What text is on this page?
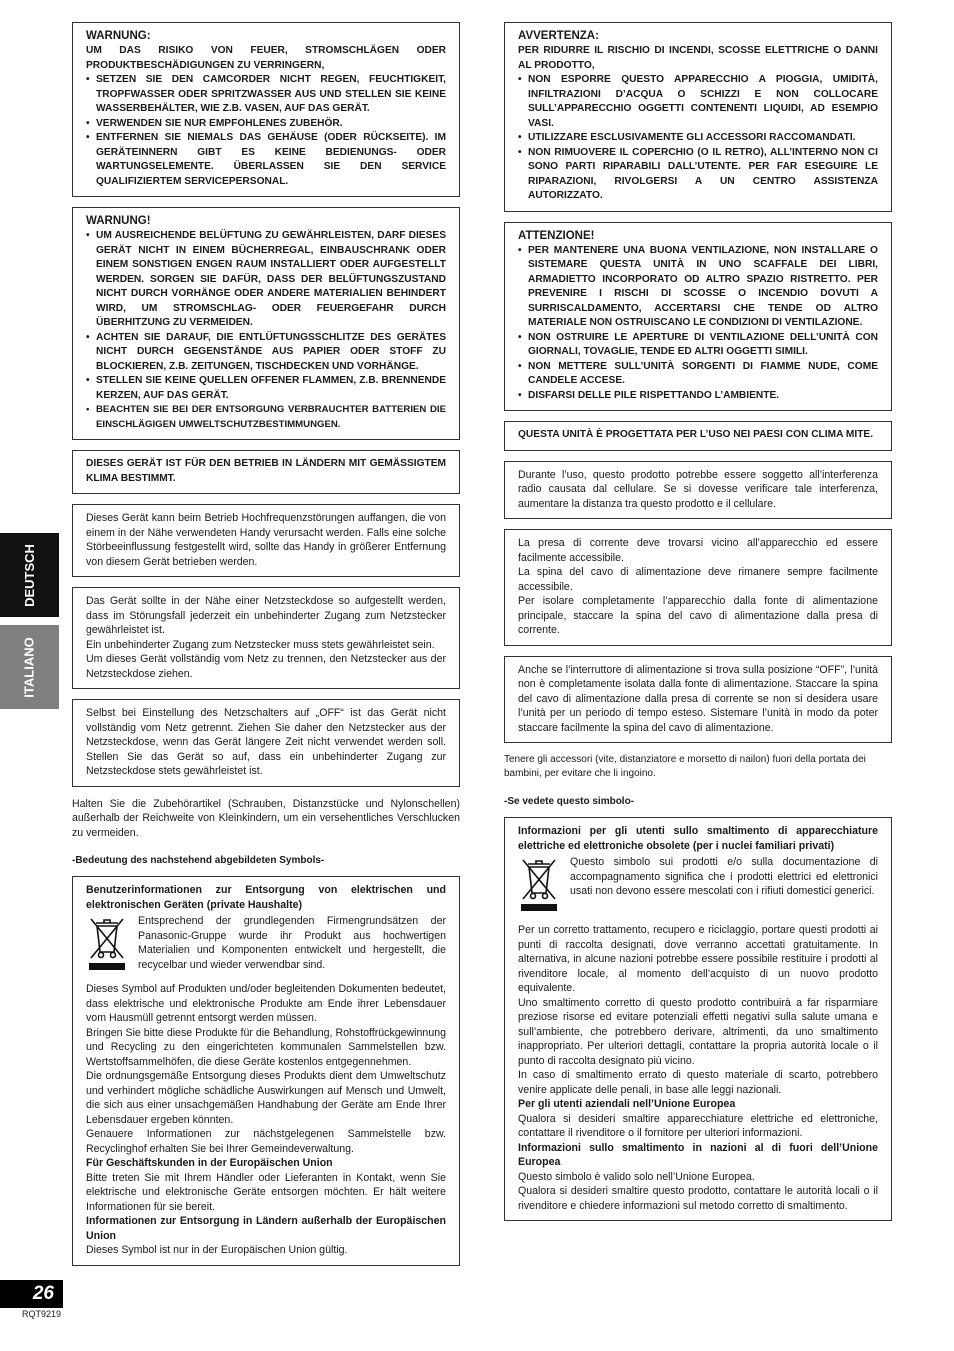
DEUTSCH
ITALIANO
26
RQT9219
WARNUNG:
UM DAS RISIKO VON FEUER, STROMSCHLÄGEN ODER PRODUKTBESCHÄDIGUNGEN ZU VERRINGERN,
• SETZEN SIE DEN CAMCORDER NICHT REGEN, FEUCHTIGKEIT, TROPFWASSER ODER SPRITZWASSER AUS UND STELLEN SIE KEINE WASSERBEHÄLTER, WIE Z.B. VASEN, AUF DAS GERÄT.
• VERWENDEN SIE NUR EMPFOHLENES ZUBEHÖR.
• ENTFERNEN SIE NIEMALS DAS GEHÄUSE (ODER RÜCKSEITE). IM GERÄTEINNERN GIBT ES KEINE BEDIENUNGS- ODER WARTUNGSELEMENTE. ÜBERLASSEN SIE DEN SERVICE QUALIFIZIERTEM SERVICEPERSONAL.
WARNUNG!
• UM AUSREICHENDE BELÜFTUNG ZU GEWÄHRLEISTEN, DARF DIESES GERÄT NICHT IN EINEM BÜCHERREGAL, EINBAUSCHRANK ODER EINEM SONSTIGEN ENGEN RAUM INSTALLIERT ODER AUFGESTELLT WERDEN. SORGEN SIE DAFÜR, DASS DER BELÜFTUNGSZUSTAND NICHT DURCH VORHÄNGE ODER ANDERE MATERIALIEN BEHINDERT WIRD, UM STROMSCHLAG- ODER FEUERGEFAHR DURCH ÜBERHITZUNG ZU VERMEIDEN.
• ACHTEN SIE DARAUF, DIE ENTLÜFTUNGSSCHLITZE DES GERÄTES NICHT DURCH GEGENSTÄNDE AUS PAPIER ODER STOFF ZU BLOCKIEREN, Z.B. ZEITUNGEN, TISCHDECKEN UND VORHÄNGE.
• STELLEN SIE KEINE QUELLEN OFFENER FLAMMEN, Z.B. BRENNENDE KERZEN, AUF DAS GERÄT.
• BEACHTEN SIE BEI DER ENTSORGUNG VERBRAUCHTER BATTERIEN DIE EINSCHLÄGIGEN UMWELTSCHUTZBESTIMMUNGEN.
DIESES GERÄT IST FÜR DEN BETRIEB IN LÄNDERN MIT GEMÄSSIGTEM KLIMA BESTIMMT.
Dieses Gerät kann beim Betrieb Hochfrequenzstörungen auffangen, die von einem in der Nähe verwendeten Handy verursacht werden. Falls eine solche Störbeeinflussung festgestellt wird, sollte das Handy in größerer Entfernung von diesem Gerät betrieben werden.

Das Gerät sollte in der Nähe einer Netzsteckdose so aufgestellt werden, dass im Störungsfall jederzeit ein unbehinderter Zugang zum Netzstecker gewährleistet ist.

Ein unbehinderter Zugang zum Netzstecker muss stets gewährleistet sein.

Um dieses Gerät vollständig vom Netz zu trennen, den Netzstecker aus der Netzsteckdose ziehen.

Selbst bei Einstellung des Netzschalters auf „OFF“ ist das Gerät nicht vollständig vom Netz getrennt. Ziehen Sie daher den Netzstecker aus der Netzsteckdose, wenn das Gerät längere Zeit nicht verwendet werden soll. Stellen Sie das Gerät so auf, dass ein unbehinderter Zugang zur Netzsteckdose stets gewährleistet ist.
Halten Sie die Zubehörartikel (Schrauben, Distanzstücke und Nylonschellen) außerhalb der Reichweite von Kleinkindern, um ein versehentliches Verschlucken zu vermeiden.
-Bedeutung des nachstehend abgebildeten Symbols-
Benutzerinformationen zur Entsorgung von elektrischen und elektronischen Geräten (private Haushalte)
Entsprechend der grundlegenden Firmengrundsätzen der Panasonic-Gruppe wurde ihr Produkt aus hochwertigen Materialien und Komponenten entwickelt und hergestellt, die recycelbar und wieder verwendbar sind.

Dieses Symbol auf Produkten und/oder begleitenden Dokumenten bedeutet, dass elektrische und elektronische Produkte am Ende ihrer Lebensdauer vom Hausmüll getrennt entsorgt werden müssen.

Bringen Sie bitte diese Produkte für die Behandlung, Rohstoffrückgewinnung und Recycling zu den eingerichteten kommunalen Sammelstellen bzw. Wertstoffsammelhöfen, die diese Geräte kostenlos entgegennehmen.

Die ordnungsgemäße Entsorgung dieses Produkts dient dem Umweltschutz und verhindert mögliche schädliche Auswirkungen auf Mensch und Umwelt, die sich aus einer unsachgemäßen Handhabung der Geräte am Ende Ihrer Lebensdauer ergeben könnten.

Genauere Informationen zur nächstgelegenen Sammelstelle bzw. Recyclinghof erhalten Sie bei Ihrer Gemeindeverwaltung.

Für Geschäftskunden in der Europäischen Union

Bitte treten Sie mit Ihrem Händler oder Lieferanten in Kontakt, wenn Sie elektrische und elektronische Geräte entsorgen möchten. Er hält weitere Informationen für sie bereit.

Informationen zur Entsorgung in Ländern außerhalb der Europäischen Union

Dieses Symbol ist nur in der Europäischen Union gültig.

AVVERTENZA:
PER RIDURRE IL RISCHIO DI INCENDI, SCOSSE ELETTRICHE O DANNI AL PRODOTTO,
• NON ESPORRE QUESTO APPARECCHIO A PIOGGIA, UMIDITÀ, INFILTRAZIONI D’ACQUA O SCHIZZI E NON COLLOCARE SULL’APPARECCHIO OGGETTI CONTENENTI LIQUIDI, AD ESEMPIO VASI.
• UTILIZZARE ESCLUSIVAMENTE GLI ACCESSORI RACCOMANDATI.
• NON RIMUOVERE IL COPERCHIO (O IL RETRO), ALL’INTERNO NON CI SONO PARTI RIPARABILI DALL’UTENTE. PER FAR ESEGUIRE LE RIPARAZIONI, RIVOLGERSI A UN CENTRO ASSISTENZA AUTORIZZATO.
ATTENZIONE!
• PER MANTENERE UNA BUONA VENTILAZIONE, NON INSTALLARE O SISTEMARE QUESTA UNITÀ IN UNO SCAFFALE DEI LIBRI, ARMADIETTO INCORPORATO OD ALTRO SPAZIO RISTRETTO. PER PREVENIRE I RISCHI DI SCOSSE O INCENDIO DOVUTI A SURRISCALDAMENTO, ACCERTARSI CHE TENDE OD ALTRO MATERIALE NON OSTRUISCANO LE CONDIZIONI DI VENTILAZIONE.
• NON OSTRUIRE LE APERTURE DI VENTILAZIONE DELL’UNITÀ CON GIORNALI, TOVAGLIE, TENDE ED ALTRI OGGETTI SIMILI.
• NON METTERE SULL’UNITÀ SORGENTI DI FIAMME NUDE, COME CANDELE ACCESE.
• DISFARSI DELLE PILE RISPETTANDO L’AMBIENTE.
QUESTA UNITÀ È PROGETTATA PER L’USO NEI PAESI CON CLIMA MITE.
Durante l’uso, questo prodotto potrebbe essere soggetto all’interferenza radio causata dal cellulare. Se si dovesse verificare tale interferenza, aumentare la distanza tra questo prodotto e il cellulare.

La presa di corrente deve trovarsi vicino all’apparecchio ed essere facilmente accessibile.

La spina del cavo di alimentazione deve rimanere sempre facilmente accessibile.

Per isolare completamente l’apparecchio dalla fonte di alimentazione principale, staccare la spina del cavo di alimentazione dalla presa di corrente.

Anche se l’interruttore di alimentazione si trova sulla posizione “OFF”, l’unità non è completamente isolata dalla fonte di alimentazione. Staccare la spina del cavo di alimentazione dalla presa di corrente se non si desidera usare l’unità per un periodo di tempo esteso. Sistemare l’unità in modo da poter staccare facilmente la spina del cavo di alimentazione.
Tenere gli accessori (vite, distanziatore e morsetto di nailon) fuori della portata dei bambini, per evitare che li ingoino.
-Se vedete questo simbolo-
Informazioni per gli utenti sullo smaltimento di apparecchiature elettriche ed elettroniche obsolete (per i nuclei familiari privati)
Questo simbolo sui prodotti e/o sulla documentazione di accompagnamento significa che i prodotti elettrici ed elettronici usati non devono essere mescolati con i rifiuti domestici generici.

Per un corretto trattamento, recupero e riciclaggio, portare questi prodotti ai punti di raccolta designati, dove verranno accettati gratuitamente. In alternativa, in alcune nazioni potrebbe essere possibile restituire i prodotti al rivenditore locale, al momento dell’acquisto di un nuovo prodotto equivalente.

Uno smaltimento corretto di questo prodotto contribuirà a far risparmiare preziose risorse ed evitare potenziali effetti negativi sulla salute umana e sull’ambiente, che potrebbero derivare, altrimenti, da uno smaltimento inappropriato. Per ulteriori dettagli, contattare la propria autorità locale o il punto di raccolta designato più vicino.

In caso di smaltimento errato di questo materiale di scarto, potrebbero venire applicate delle penali, in base alle leggi nazionali.

Per gli utenti aziendali nell’Unione Europea

Qualora si desideri smaltire apparecchiature elettriche ed elettroniche, contattare il rivenditore o il fornitore per ulteriori informazioni.

Informazioni sullo smaltimento in nazioni al di fuori dell’Unione Europea

Questo simbolo è valido solo nell’Unione Europea.

Qualora si desideri smaltire questo prodotto, contattare le autorità locali o il rivenditore e chiedere informazioni sul metodo corretto di smaltimento.
